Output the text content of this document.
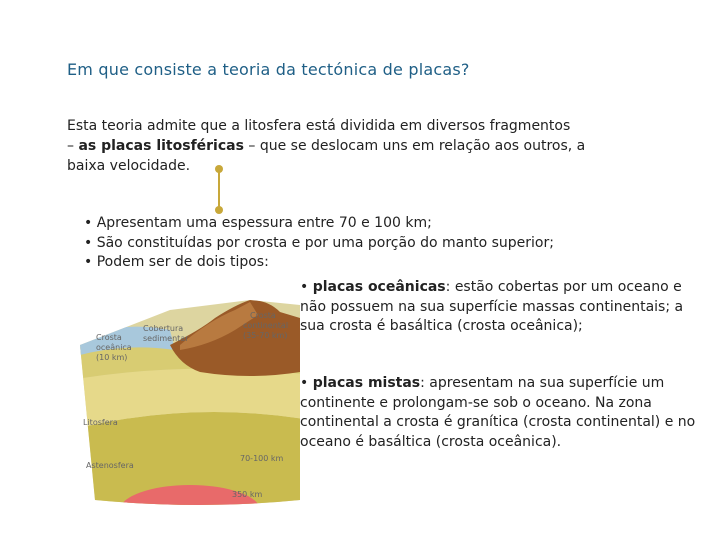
Em que consiste a teoria da tectónica de placas?
Esta teoria admite que a litosfera está dividida em diversos fragmentos
– as placas litosféricas – que se deslocam uns em relação aos outros, a
baixa velocidade.
• Apresentam uma espessura entre 70 e 100 km;
• São constituídas por crosta e por uma porção do manto superior;
• Podem ser de dois tipos:
Crosta oceânica (10 km)
Cobertura sedimentar
Crosta continental (35-70 km)
Litosfera
Astenosfera
70-100 km
350 km
• placas oceânicas: estão cobertas por um oceano e não possuem na sua superfície massas continentais; a sua crosta é basáltica (crosta oceânica);
• placas mistas: apresentam na sua superfície um continente e prolongam-se sob o oceano. Na zona continental a crosta é granítica (crosta continental) e no oceano é basáltica (crosta oceânica).
